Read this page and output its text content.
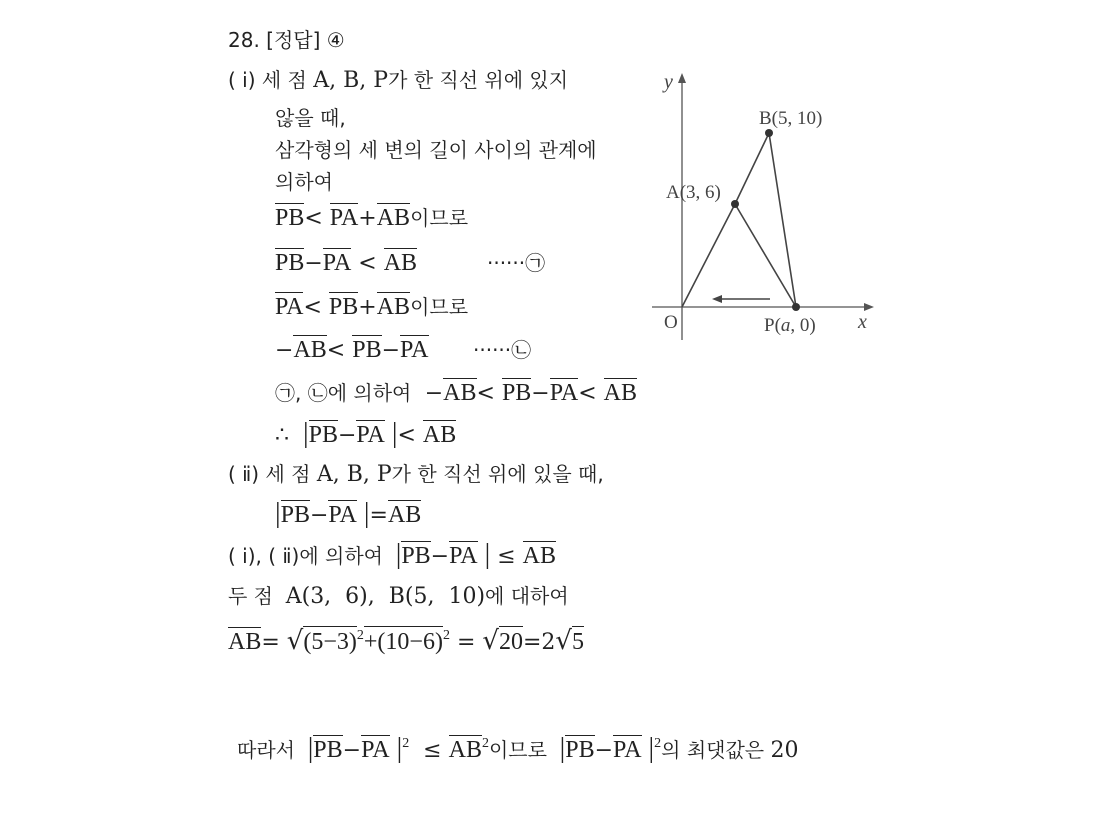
28. [정답] ④
( ⅰ) 세 점 A, B, P가 한 직선 위에 있지
않을 때,
삼각형의 세 변의 길이 사이의 관계에
의하여
PB< PA+AB이므로
PB−PA < AB           ······㉠
PA< PB+AB이므로
−AB< PB−PA       ······㉡
㉠, ㉡에 의하여  −AB< PB−PA< AB
∴  |PB−PA |< AB
( ⅱ) 세 점 A, B, P가 한 직선 위에 있을 때,
|PB−PA |=AB
( ⅰ), ( ⅱ)에 의하여  |PB−PA | ≤ AB
두 점  A(3,  6),  B(5,  10)에 대하여
$AB= √(5-3)^2+(10-6)^2 = √20=2√5$
따라서  |PB−PA $|^2 \le AB^2$이므로  |PB−PA $|^2$의 최댓값은 20
y
x
O
A(3, 6)
B(5, 10)
P(a, 0)
